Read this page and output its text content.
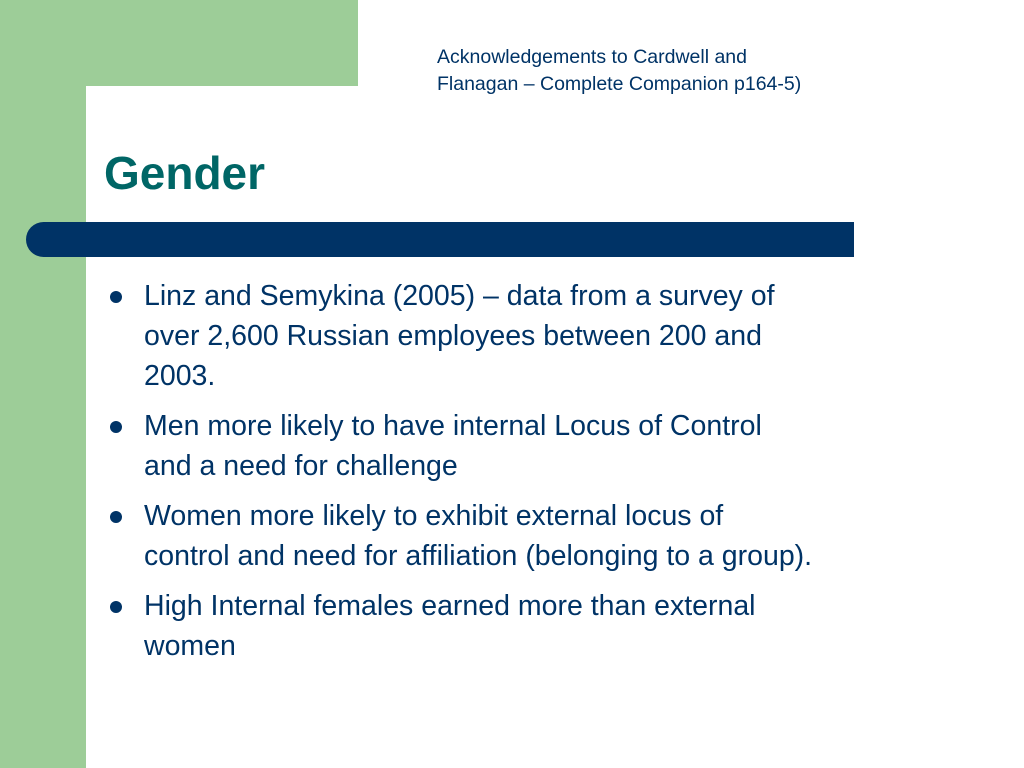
Acknowledgements to Cardwell and
Flanagan – Complete Companion p164-5)
Gender
Linz and Semykina (2005) – data from a survey of
over 2,600 Russian employees between 200 and
2003.
Men more likely to have internal Locus of Control
and a need for challenge
Women more likely to exhibit external locus of
control and need for affiliation (belonging to a group).
High Internal females earned more than external
women
